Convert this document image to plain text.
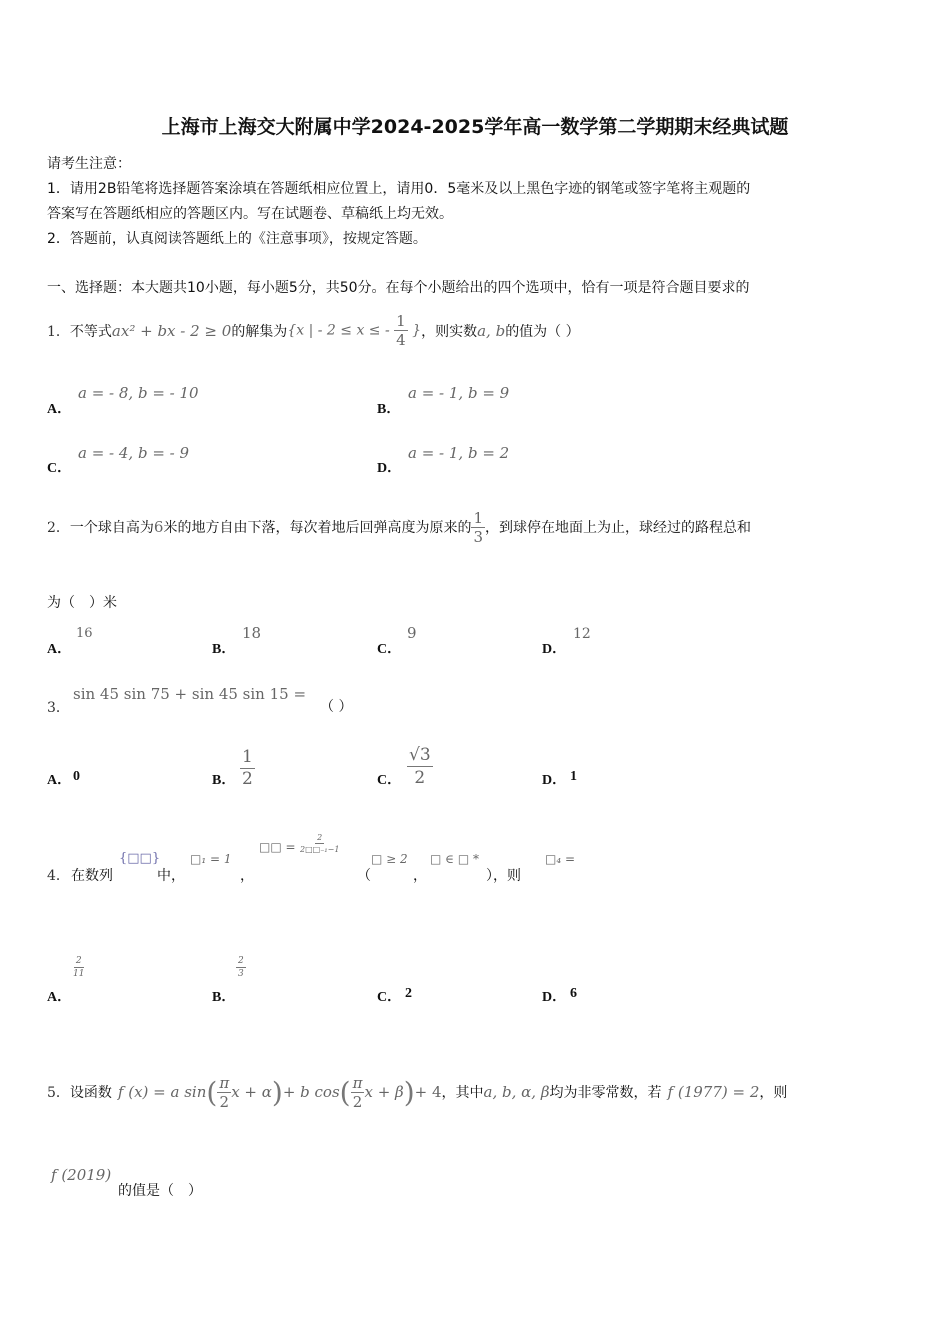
上海市上海交大附属中学2024-2025学年高一数学第二学期期末经典试题
请考生注意：
1．请用2B铅笔将选择题答案涂填在答题纸相应位置上，请用0．5毫米及以上黑色字迹的钢笔或签字笔将主观题的
答案写在答题纸相应的答题区内。写在试题卷、草稿纸上均无效。
2．答题前，认真阅读答题纸上的《注意事项》，按规定答题。
一、选择题：本大题共10小题，每小题5分，共50分。在每个小题给出的四个选项中，恰有一项是符合题目要求的
1． 不等式 ax² + bx - 2 ≥ 0 的解集为 {x | - 2 ≤ x ≤ - $\frac{1}{4}$ } ，则实数 a, b 的值为（ ）
A．
a = - 8, b = - 10
B．
a = - 1, b = 9
C．
a = - 4, b = - 9
D．
a = - 1, b = 2
2． 一个球自高为 6 米的地方自由下落，每次着地后回弹高度为原来的 $\frac{1}{3}$ ，到球停在地面上为止，球经过的路程总和
为（　）米
A．
16
B．
18
C．
9
D．
12
3．
sin 45 sin 75 + sin 45 sin 15 =
（ ）
A． 0	B． $\frac{1}{2}$	C． $\frac{√3}{2}$	D． 1
4． 在数列
{□□}
中，
□₁ = 1
，
□□ = $\frac{2}{\text{2□□₋₁−1}}$
（
□ ≥ 2
，
□ ∈ □ *
），则
□₄ =
A．
$\frac{2}{11}$
B．
$\frac{2}{3}$
C． 2	D． 6
5． 设函数 f (x) = a sin ( $\frac{\pi}{2}$ x + α ) + b cos ( $\frac{\pi}{2}$ x + β ) + 4 ，其中 a, b, α, β 均为非零常数，若 f (1977) = 2 ，则
f (2019)
的值是（　）
